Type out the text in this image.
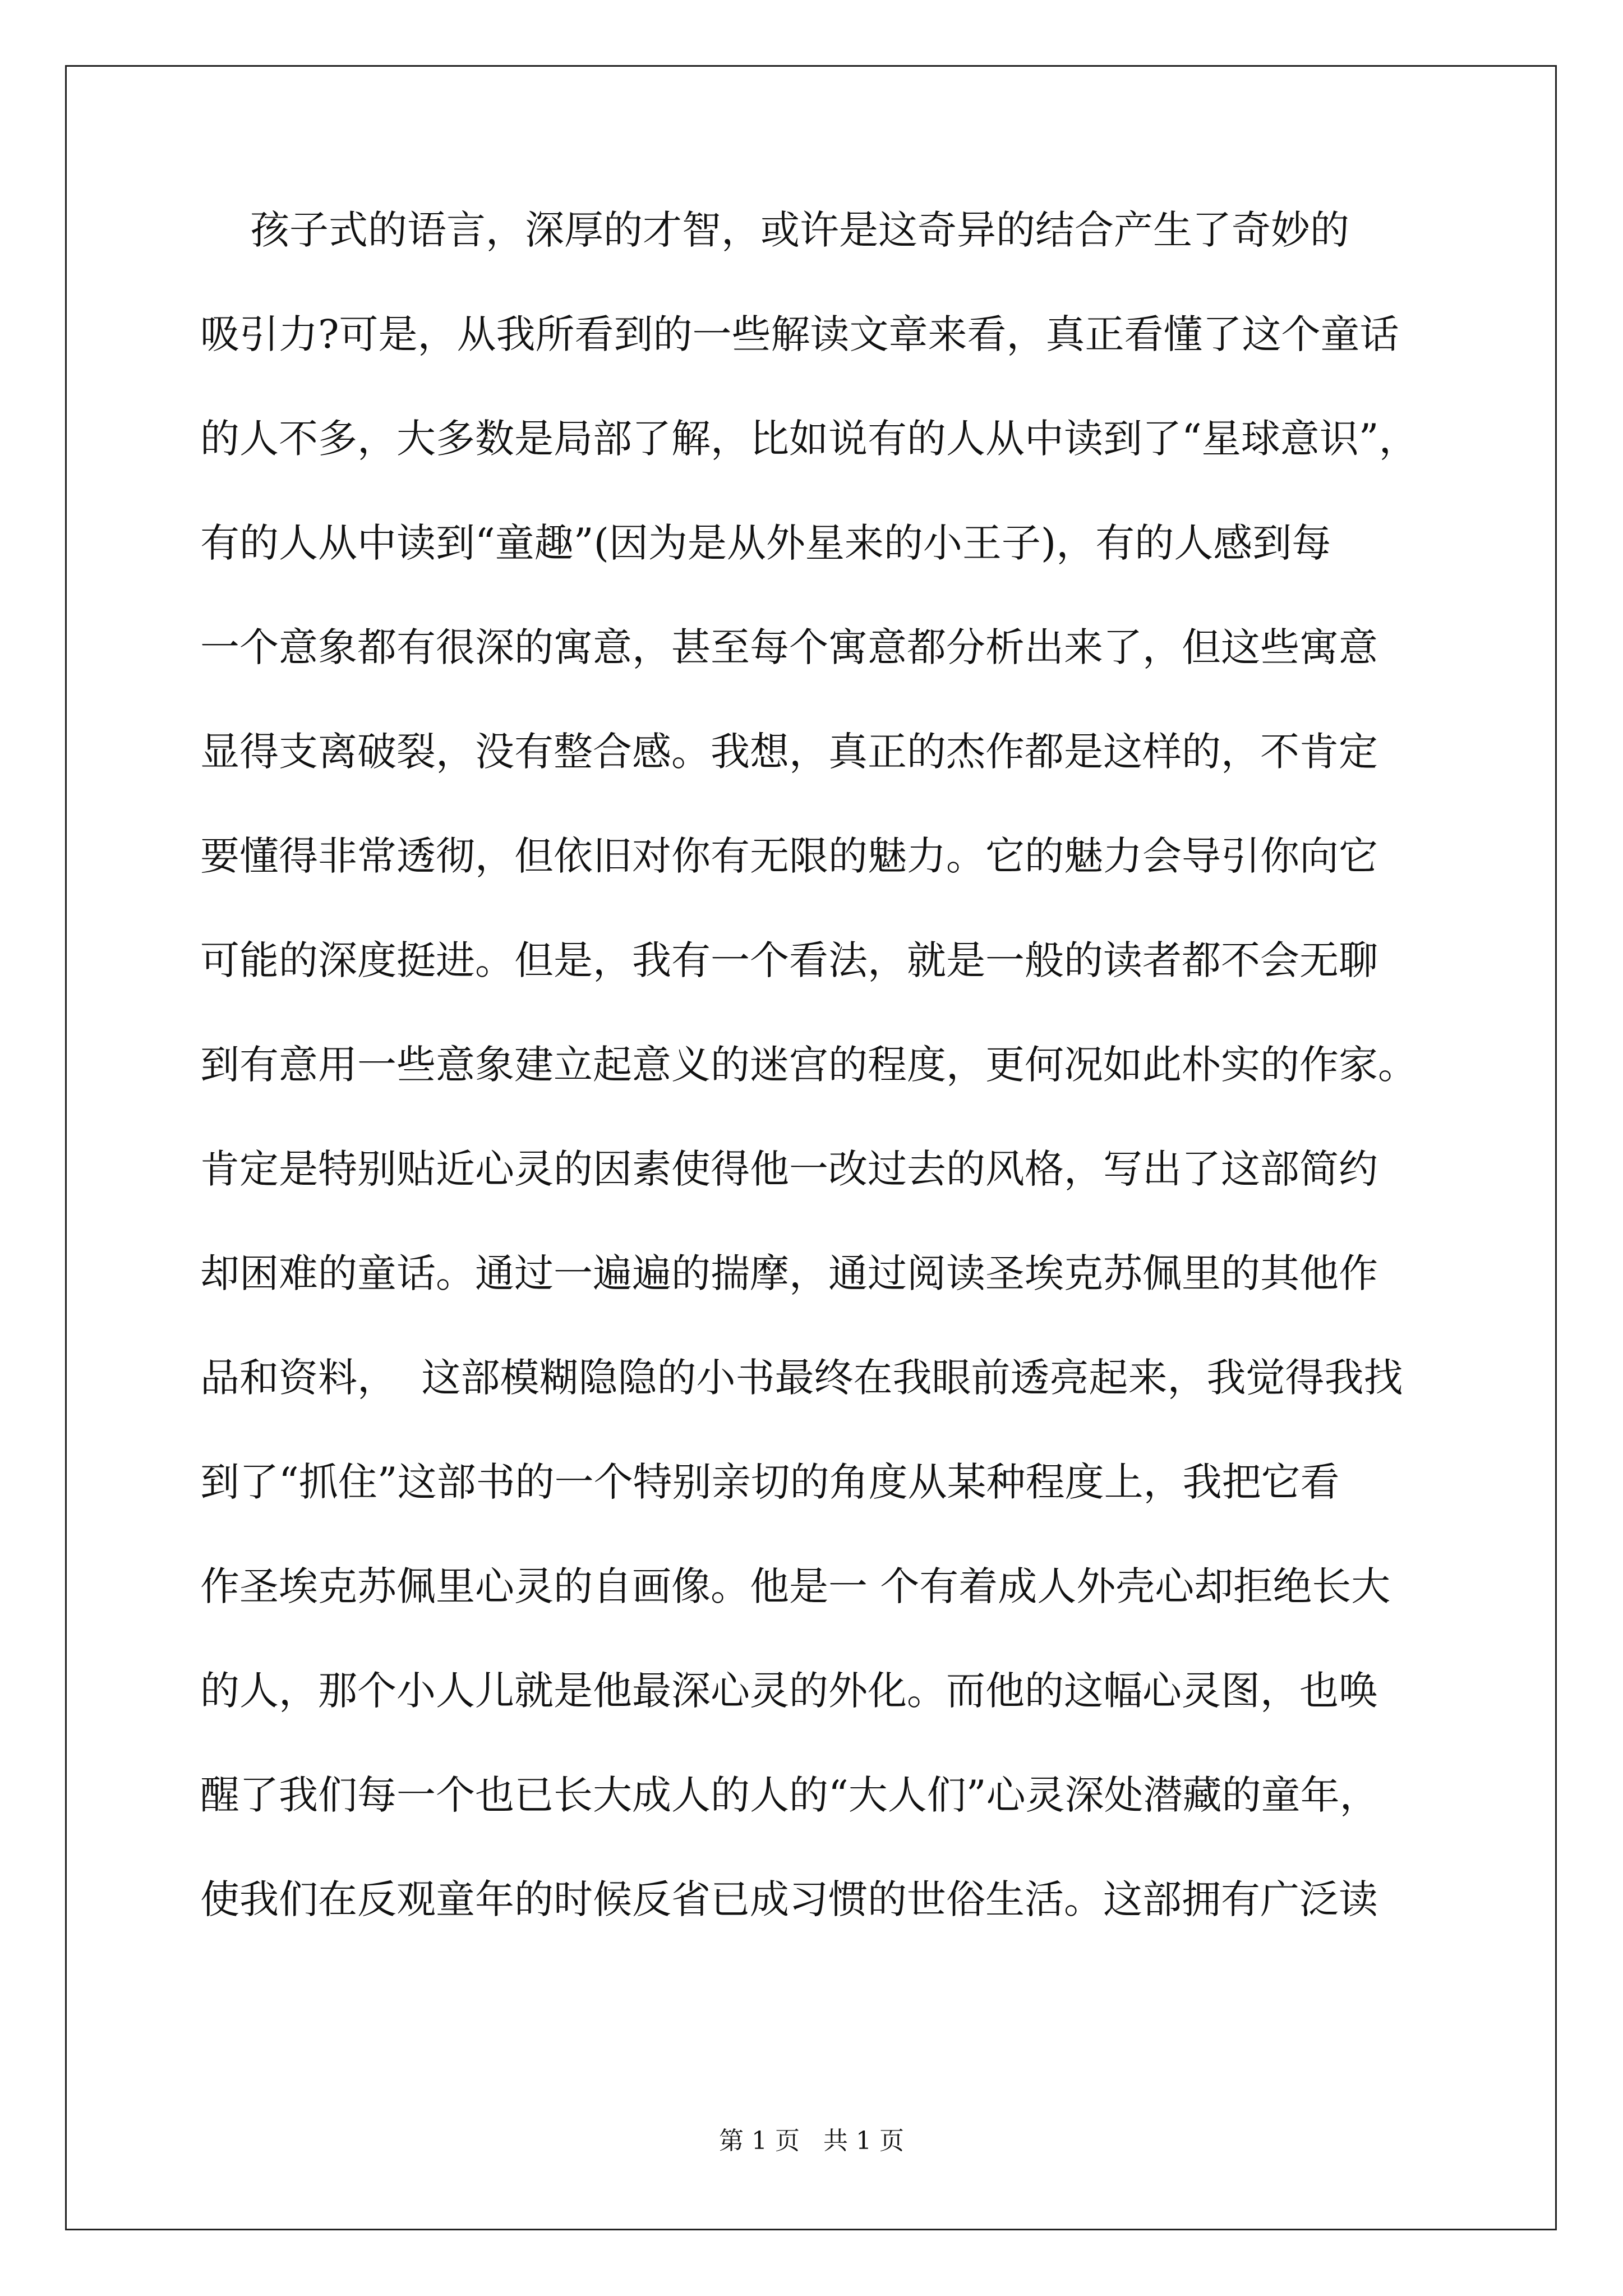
孩子式的语言，深厚的才智，或许是这奇异的结合产生了奇妙的
吸引力?可是，从我所看到的一些解读文章来看，真正看懂了这个童话
的人不多，大多数是局部了解，比如说有的人从中读到了“星球意识”，
有的人从中读到“童趣”(因为是从外星来的小王子)，有的人感到每
一个意象都有很深的寓意，甚至每个寓意都分析出来了，但这些寓意
显得支离破裂，没有整合感。我想，真正的杰作都是这样的，不肯定
要懂得非常透彻，但依旧对你有无限的魅力。它的魅力会导引你向它
可能的深度挺进。但是，我有一个看法，就是一般的读者都不会无聊
到有意用一些意象建立起意义的迷宫的程度，更何况如此朴实的作家。
肯定是特别贴近心灵的因素使得他一改过去的风格，写出了这部简约
却困难的童话。通过一遍遍的揣摩，通过阅读圣埃克苏佩里的其他作
品和资料，  这部模糊隐隐的小书最终在我眼前透亮起来，我觉得我找
到了“抓住”这部书的一个特别亲切的角度从某种程度上，我把它看
作圣埃克苏佩里心灵的自画像。他是一 个有着成人外壳心却拒绝长大
的人，那个小人儿就是他最深心灵的外化。而他的这幅心灵图，也唤
醒了我们每一个也已长大成人的人的“大人们”心灵深处潜藏的童年，
使我们在反观童年的时候反省已成习惯的世俗生活。这部拥有广泛读
第 1 页   共 1 页
